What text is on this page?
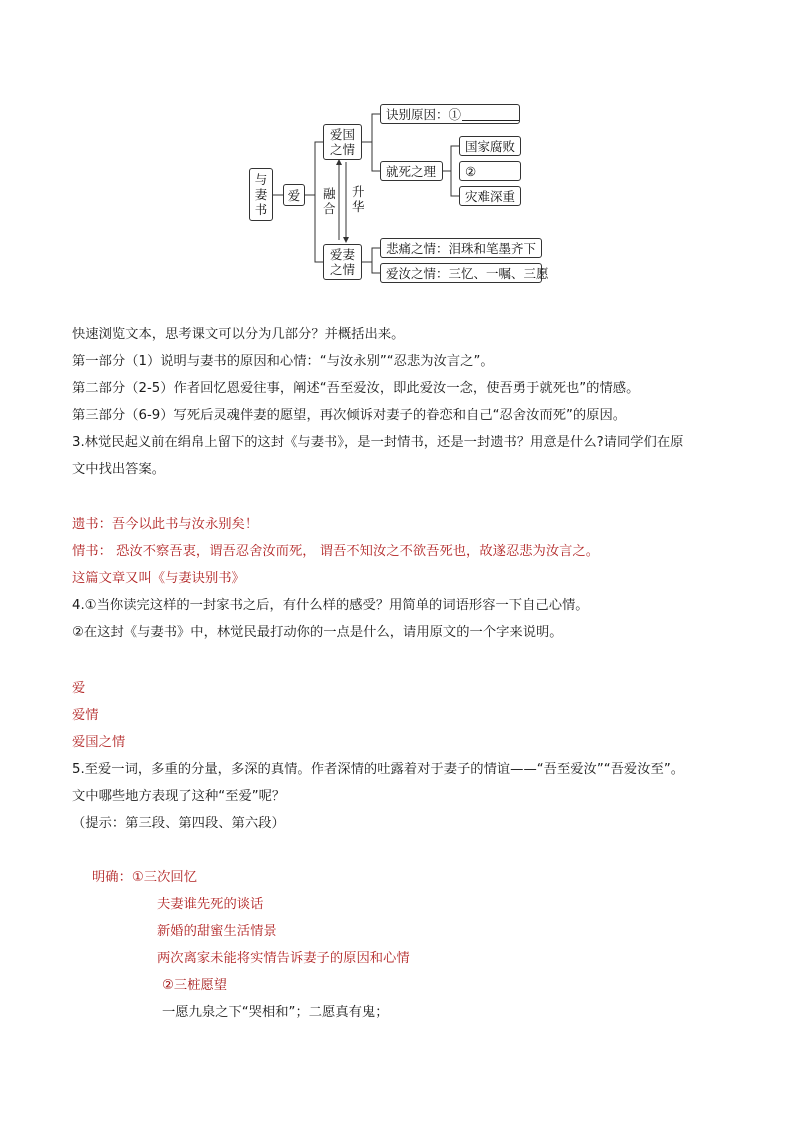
与
妻
书
爱
爱国
之情
爱妻
之情
融
合
升
华
诀别原因：①
就死之理
国家腐败
②
灾难深重
悲痛之情：泪珠和笔墨齐下
爱汝之情：三忆、一嘱、三愿
快速浏览文本，思考课文可以分为几部分？并概括出来。
第一部分（1）说明与妻书的原因和心情：“与汝永别”“忍悲为汝言之”。
第二部分（2-5）作者回忆恩爱往事，阐述“吾至爱汝，即此爱汝一念，使吾勇于就死也”的情感。
第三部分（6-9）写死后灵魂伴妻的愿望，再次倾诉对妻子的眷恋和自己“忍舍汝而死”的原因。
3.林觉民起义前在绢帛上留下的这封《与妻书》，是一封情书，还是一封遗书？用意是什么?请同学们在原
文中找出答案。
遗书：吾今以此书与汝永别矣！
情书： 恐汝不察吾衷，谓吾忍舍汝而死， 谓吾不知汝之不欲吾死也，故遂忍悲为汝言之。
这篇文章又叫《与妻诀别书》
4.①当你读完这样的一封家书之后，有什么样的感受？用简单的词语形容一下自己心情。
②在这封《与妻书》中，林觉民最打动你的一点是什么，请用原文的一个字来说明。
爱
爱情
爱国之情
5.至爱一词，多重的分量，多深的真情。作者深情的吐露着对于妻子的情谊——“吾至爱汝”“吾爱汝至”。
文中哪些地方表现了这种“至爱”呢？
（提示：第三段、第四段、第六段）
明确：①三次回忆
夫妻谁先死的谈话
新婚的甜蜜生活情景
两次离家未能将实情告诉妻子的原因和心情
②三桩愿望
一愿九泉之下“哭相和”；二愿真有鬼；
